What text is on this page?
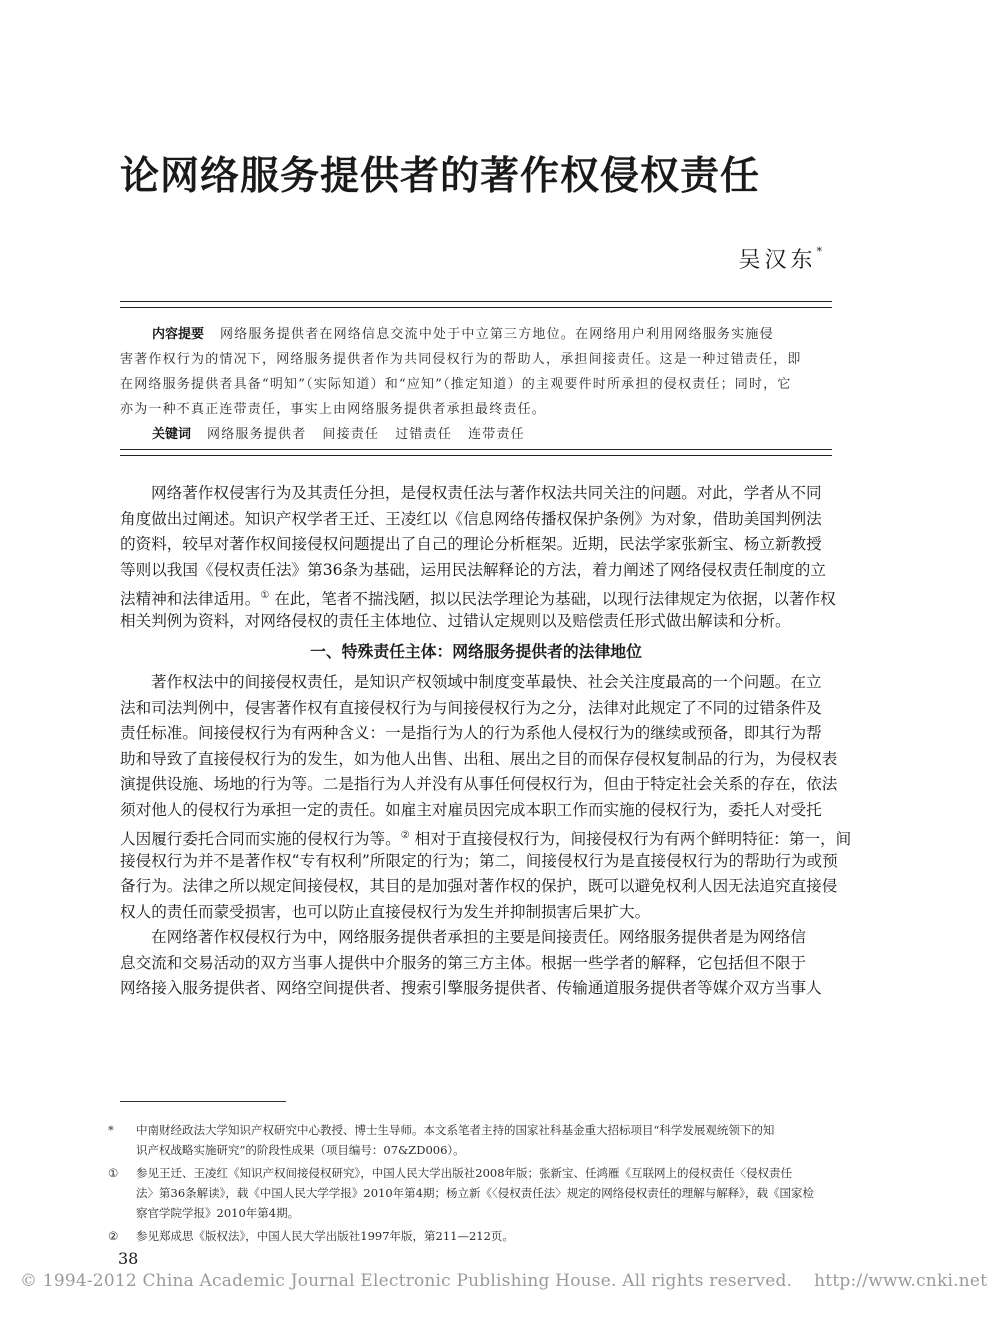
论网络服务提供者的著作权侵权责任
吴汉东*
内容提要 网络服务提供者在网络信息交流中处于中立第三方地位。在网络用户利用网络服务实施侵
害著作权行为的情况下，网络服务提供者作为共同侵权行为的帮助人，承担间接责任。这是一种过错责任，即
在网络服务提供者具备“明知”（实际知道）和“应知”（推定知道）的主观要件时所承担的侵权责任；同时，它
亦为一种不真正连带责任，事实上由网络服务提供者承担最终责任。
关键词 网络服务提供者 间接责任 过错责任 连带责任
网络著作权侵害行为及其责任分担，是侵权责任法与著作权法共同关注的问题。对此，学者从不同
角度做出过阐述。知识产权学者王迁、王凌红以《信息网络传播权保护条例》为对象，借助美国判例法
的资料，较早对著作权间接侵权问题提出了自己的理论分析框架。近期，民法学家张新宝、杨立新教授
等则以我国《侵权责任法》第36条为基础，运用民法解释论的方法，着力阐述了网络侵权责任制度的立
法精神和法律适用。① 在此，笔者不揣浅陋，拟以民法学理论为基础，以现行法律规定为依据，以著作权
相关判例为资料，对网络侵权的责任主体地位、过错认定规则以及赔偿责任形式做出解读和分析。
一、特殊责任主体：网络服务提供者的法律地位
著作权法中的间接侵权责任，是知识产权领域中制度变革最快、社会关注度最高的一个问题。在立
法和司法判例中，侵害著作权有直接侵权行为与间接侵权行为之分，法律对此规定了不同的过错条件及
责任标准。间接侵权行为有两种含义：一是指行为人的行为系他人侵权行为的继续或预备，即其行为帮
助和导致了直接侵权行为的发生，如为他人出售、出租、展出之目的而保存侵权复制品的行为，为侵权表
演提供设施、场地的行为等。二是指行为人并没有从事任何侵权行为，但由于特定社会关系的存在，依法
须对他人的侵权行为承担一定的责任。如雇主对雇员因完成本职工作而实施的侵权行为，委托人对受托
人因履行委托合同而实施的侵权行为等。② 相对于直接侵权行为，间接侵权行为有两个鲜明特征：第一，间
接侵权行为并不是著作权“专有权利”所限定的行为；第二，间接侵权行为是直接侵权行为的帮助行为或预
备行为。法律之所以规定间接侵权，其目的是加强对著作权的保护，既可以避免权利人因无法追究直接侵
权人的责任而蒙受损害，也可以防止直接侵权行为发生并抑制损害后果扩大。
在网络著作权侵权行为中，网络服务提供者承担的主要是间接责任。网络服务提供者是为网络信
息交流和交易活动的双方当事人提供中介服务的第三方主体。根据一些学者的解释，它包括但不限于
网络接入服务提供者、网络空间提供者、搜索引擎服务提供者、传输通道服务提供者等媒介双方当事人
*	中南财经政法大学知识产权研究中心教授、博士生导师。本文系笔者主持的国家社科基金重大招标项目“科学发展观统领下的知
识产权战略实施研究”的阶段性成果（项目编号：07&ZD006）。
①	参见王迁、王凌红《知识产权间接侵权研究》，中国人民大学出版社2008年版；张新宝、任鸿雁《互联网上的侵权责任〈侵权责任
法〉第36条解读》，载《中国人民大学学报》2010年第4期；杨立新《〈侵权责任法〉规定的网络侵权责任的理解与解释》，载《国家检
察官学院学报》2010年第4期。
②	参见郑成思《版权法》，中国人民大学出版社1997年版，第211—212页。
38
© 1994-2012 China Academic Journal Electronic Publishing House. All rights reserved. http://www.cnki.net
